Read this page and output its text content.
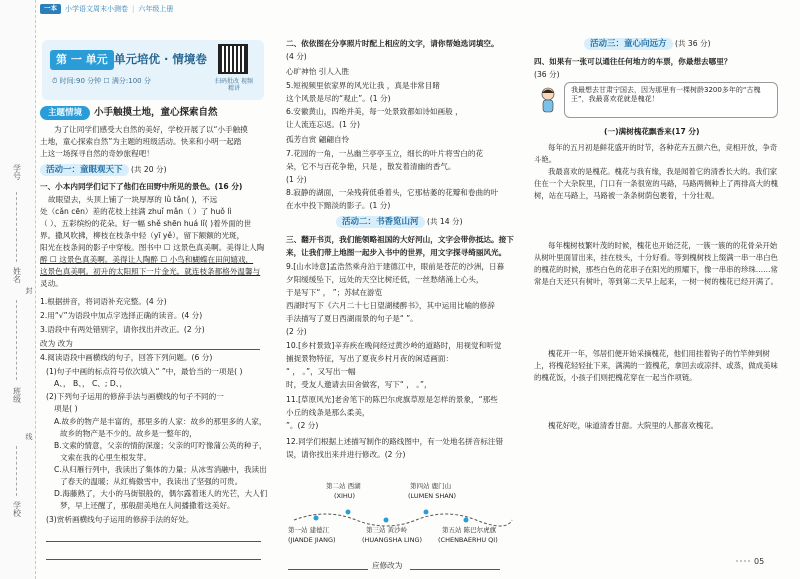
学号
姓名
封
班级
线
学校
一本	小学语文周末小测卷 | 六年级上册
第 一 单元 单元培优 · 情境卷
⏱ 时间:90 分钟 ☐ 满分:100 分	扫码批改 视频精讲
主题情境	小手触摸土地，童心探索自然
为了让同学们感受大自然的美好，学校开展了以“小手触摸
土地，童心探索自然”为主题的班级活动。快来和小明一起踏
上这一场探寻自然的奇妙旅程吧！
活动一：童眼观天下 (共 20 分)
一、小本内同学们记下了他们在田野中所见的景色。(16 分)
故眼望去，头顶上铺了一块厚厚的 lǜ tǎn( )，不远
处（cǎn cēn）差的花枝上挂满 zhuǐ mǎn（ ）了 huǒ lì
（ ）、五彩缤纷的花朵。好一幅 shě shēn huá lǐ( )着外面的世
界。撒风吹拂，柳枝在枝条中轻（yī yě），留下额额的光斑，
阳光在枝条间的影子中穿梭。图书中 ☐ 这景色真美啊。美得让人陶
醉 ☐ 这景色真美啊。美得让人陶醉 ☐ 小鸟和蝴蝶在田间嬉戏，
这景色真美啊。初升的太阳照下一片金光。就连枝条都格外温馨与
灵动。
1.根据拼音，将词语补充完整。(4 分)
2.用“√”为语段中加点字选择正确的读音。(4 分)
3.语段中有两处错别字，请你找出并改正。(2 分)
改为 改为
4.阅读语段中画横线的句子，回答下列问题。(6 分)
(1)句子中画的标点符号依次填入“ ”中，最恰当的一项是( )
A、， B、， C、; D、，
(2)下列句子运用的修辞手法与画横线的句子不同的一
项是( )
A.故乡的物产是丰富的，那里多的人家：故乡的那里多的人家，
故乡的物产是不少的。故乡是一整年的，
B.文索的情意，父亲的情韵深邃；父亲的叮咛像蒲公英的种子，
文索在我的心里生根发芽。
C.从归雁行列中，我读出了集体的力量；从冰雪消融中，我读出
了春天的温暖；从红梅傲雪中，我读出了坚强的可贵。
D.海藤熟了，大小的马街银般的，偶尔露着迷人的光芒，大人们
梦，早上还醒了，那般甜美地在人间播撒着这美好。
(3)赏析画横线句子运用的修辞手法的好处。
二、依依图在分享照片时配上相应的文字，请你帮她选词填空。
(4 分)
心旷神怡 引人入胜
5.短视频里依家界的风光让我 ，真是非常目睹
这个风景是尽的“观止”。(1 分)
6.安徽黄山，四绝并美，每一处景致都如诗如画般 ，
让人流连忘返。(1 分)
孤芳自赏 翩翩自怜
7.花园的一角，一丛幽兰亭亭玉立，细长的叶片将雪白的花
朵，它不与百花争艳，只是 ，散发着清幽的香气。
(1 分)
8.寂静的湖面，一朵残荷低垂着头，它那枯萎的花瓣和卷曲的叶
在水中投下黯淡的影子。(1 分)
活动二：书香览山河 (共 14 分)
三、翻开书页，我们能领略祖国的大好河山，文字会带你抵达。接下
来，让我们带上地图一起步入书中的世界，用文字探寻绮丽风光。
9.[山水诗意]孟浩然乘舟泊于建德江中，眼前是苍茫的沙洲，日暮
夕阳缓缓坠下，远处的天空比树还低，一丝愁绪涌上心头，
于是写下“ ， ”；苏轼在游览
西湖时写下《六月二十七日望湖楼醉书》，其中运用比喻的修辞
手法描写了夏日西湖雨景的句子是“ ”。
(2 分)
10.[乡村景致]辛弃疾在晚间经过黄沙岭的道路时，用视觉和听觉
捕捉景物特征，写出了夏夜乡村月夜的闲适画面：
“ ， 。”，又写出一幅
时，受友人邀请去田舍做客，写下“ ， 。”，
11.[草原风光]老舍笔下的陈巴尔虎旗草原是怎样的景象，“那些
小丘的线条是那么柔美，
”。(2 分)
12.同学们根据上述描写制作的路线图中，有一处地名拼音标注错
误，请你找出来并进行修改。(2 分)
第二站 西湖
(XIHU)
第四站 鹿门山
(LUMEN SHAN)
第一站 建德江
(JIANDE JIANG)
第三站 黄沙岭
(HUANGSHA LING)
第五站 陈巴尔虎旗
(CHENBAERHU QI)
应修改为
活动三：童心向远方 (共 36 分)
四、如果有一张可以通往任何地方的车票，你最想去哪里？
(36 分)
我最想去甘肃宁国去，因为那里有一棵树龄3200多年的“古槐王”，我最喜欢花就是槐花！
(一)满树槐花飘香来(17 分)
每年的五月初是鲜花盛开的时节，各种花卉五颜六色，竞相开放，争奇斗艳。
我最喜欢的是槐花。槐花与我有缘，我是闻着它的清香长大的。我们家住在一个大杂院里，门口有一条很宽的马路，马路两侧种上了两排高大的槐树，站在马路上，马路被一条条树荫包裹着，十分壮观。
每年槐树枝繁叶茂的时候，槐花也开始泛花，一簇一簇的的花骨朵开始从树叶里面冒出来，挂在枝头，十分好看。等到槐树枝上缀满一串一串白色的槐花的时候，那些白色的花串子在阳光的照耀下，像一串串的珍珠……常常是白天还只有树叶，等到第二天早上起来，一树一树的槐花已经开满了。
槐花开一年，邻居们便开始采摘槐花，他们用挂着钩子的竹竿伸到树上，将槐花轻轻扯下来，满满的一篮槐花，拿回去或凉拌、或蒸，做成美味的槐花饭，小孩子们则把槐花穿在一起当作项链。
槐花好吃，味道清香甘甜。大院里的人都喜欢槐花。
05
